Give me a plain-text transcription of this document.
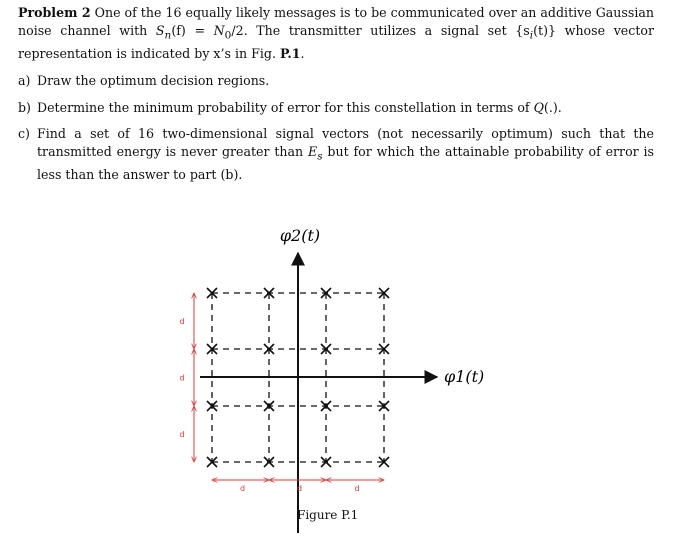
Problem 2 One of the 16 equally likely messages is to be communicated over an additive Gaussian noise channel with $S_n(f) = N_0/2$. The transmitter utilizes a signal set $\{s_i(t)\}$ whose vector representation is indicated by x’s in Fig. P.1.

a) Draw the optimum decision regions.

b) Determine the minimum probability of error for this constellation in terms of Q(.).

c) Find a set of 16 two-dimensional signal vectors (not necessarily optimum) such that the transmitted energy is never greater than $E_s$ but for which the attainable probability of error is less than the answer to part (b).

φ2(t)
φ1(t)
d
d
d
d	d	d
Figure P.1
